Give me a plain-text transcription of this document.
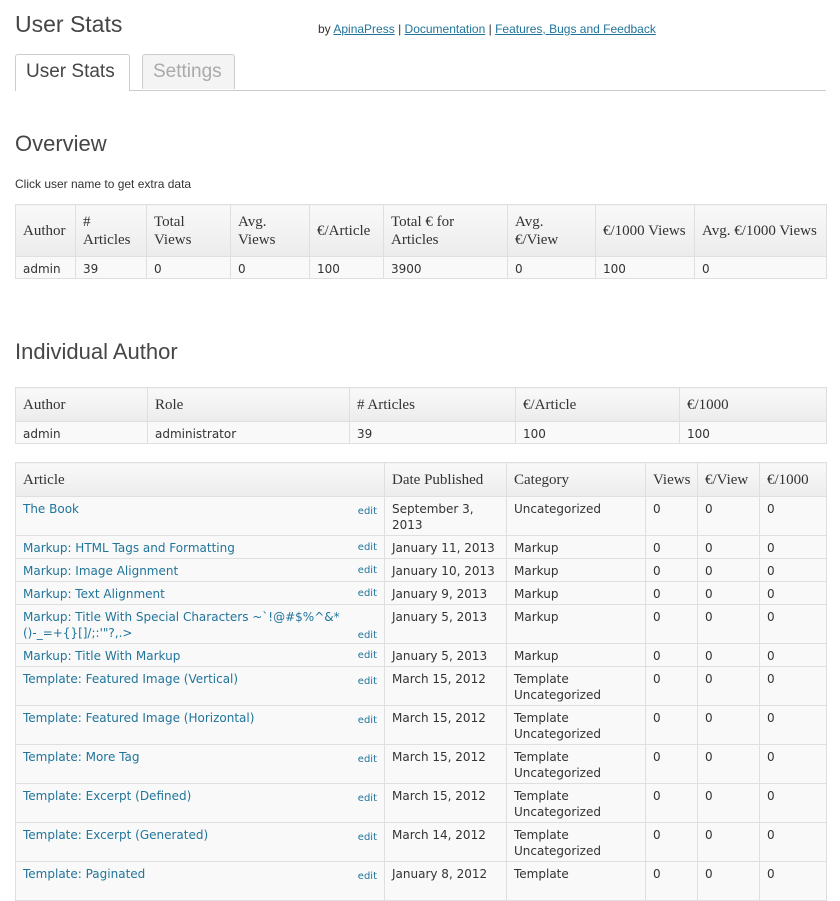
User Stats	by ApinaPress | Documentation | Features, Bugs and Feedback
User Stats	Settings
Overview
Click user name to get extra data
Author	# Articles	Total Views	Avg. Views	€/Article	Total € for Articles	Avg. €/View	€/1000 Views	Avg. €/1000 Views
admin	39	0	0	100	3900	0	100	0
Individual Author
Author	Role	# Articles	€/Article	€/1000
admin	administrator	39	100	100
Article	Date Published	Category	Views	€/View	€/1000

The Book edit	September 3, 2013	Uncategorized	0	0	0

Markup: HTML Tags and Formatting edit	January 11, 2013	Markup	0	0	0

Markup: Image Alignment edit	January 10, 2013	Markup	0	0	0

Markup: Text Alignment edit	January 9, 2013	Markup	0	0	0

Markup: Title With Special Characters ~`!@#$%^&*()-_=+{}[]/;:'"?,.> edit	January 5, 2013	Markup	0	0	0

Markup: Title With Markup edit	January 5, 2013	Markup	0	0	0

Template: Featured Image (Vertical) edit	March 15, 2012	Template Uncategorized	0	0	0

Template: Featured Image (Horizontal) edit	March 15, 2012	Template Uncategorized	0	0	0

Template: More Tag edit	March 15, 2012	Template Uncategorized	0	0	0

Template: Excerpt (Defined) edit	March 15, 2012	Template Uncategorized	0	0	0

Template: Excerpt (Generated) edit	March 14, 2012	Template Uncategorized	0	0	0

Template: Paginated edit	January 8, 2012	Template	0	0	0
